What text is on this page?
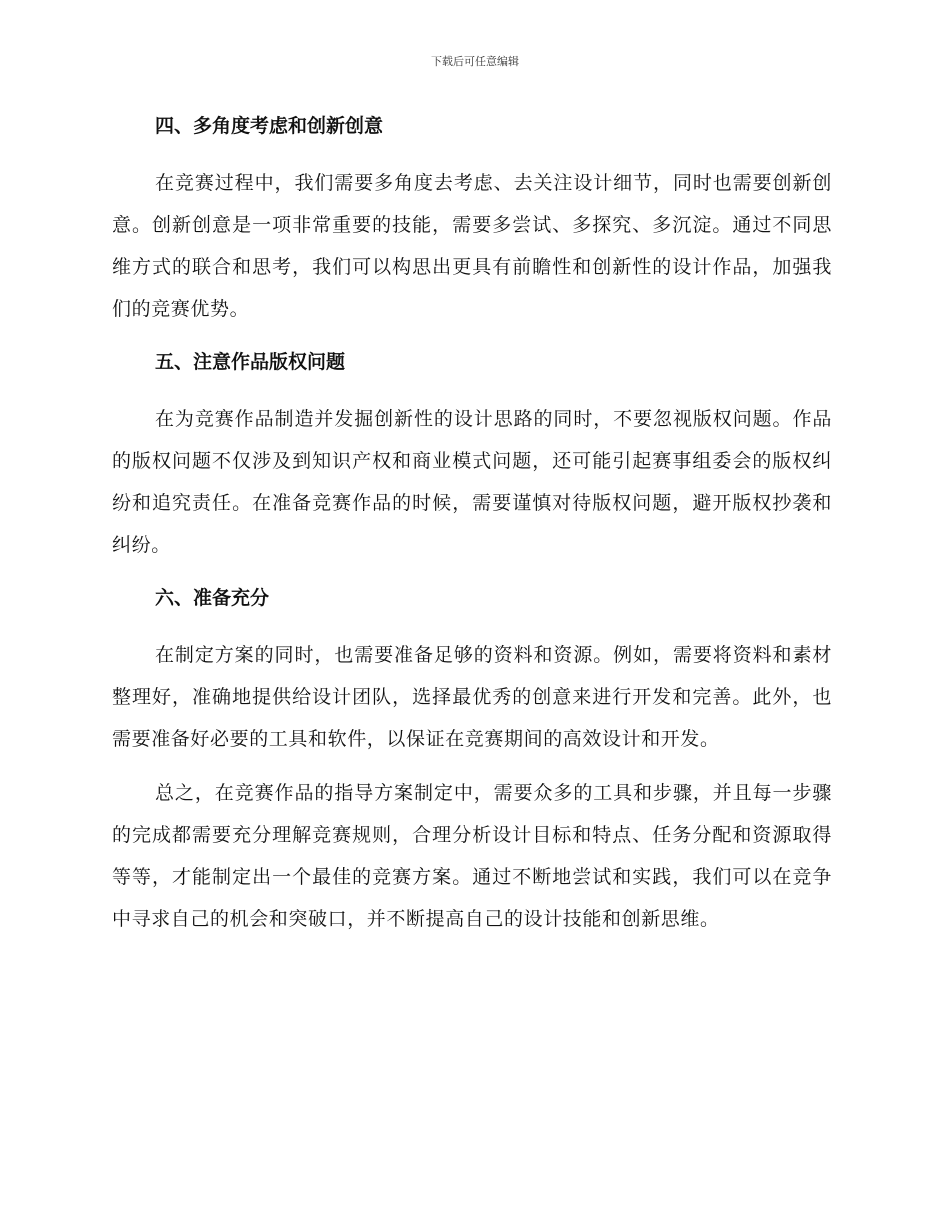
下载后可任意编辑
四、多角度考虑和创新创意

在竞赛过程中，我们需要多角度去考虑、去关注设计细节，同时也需要创新创意。创新创意是一项非常重要的技能，需要多尝试、多探究、多沉淀。通过不同思维方式的联合和思考，我们可以构思出更具有前瞻性和创新性的设计作品，加强我们的竞赛优势。

五、注意作品版权问题

在为竞赛作品制造并发掘创新性的设计思路的同时，不要忽视版权问题。作品的版权问题不仅涉及到知识产权和商业模式问题，还可能引起赛事组委会的版权纠纷和追究责任。在准备竞赛作品的时候，需要谨慎对待版权问题，避开版权抄袭和纠纷。

六、准备充分

在制定方案的同时，也需要准备足够的资料和资源。例如，需要将资料和素材整理好，准确地提供给设计团队，选择最优秀的创意来进行开发和完善。此外，也需要准备好必要的工具和软件，以保证在竞赛期间的高效设计和开发。

总之，在竞赛作品的指导方案制定中，需要众多的工具和步骤，并且每一步骤的完成都需要充分理解竞赛规则，合理分析设计目标和特点、任务分配和资源取得等等，才能制定出一个最佳的竞赛方案。通过不断地尝试和实践，我们可以在竞争中寻求自己的机会和突破口，并不断提高自己的设计技能和创新思维。
